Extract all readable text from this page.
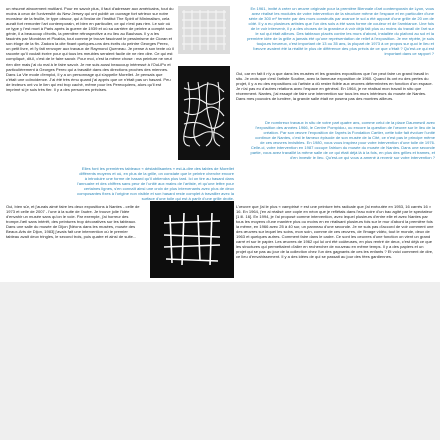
un résumé atrocement mutilant. Pour en savoir plus, il faut d'adresser aux américains, tout du moins à ceux de l'université du New Jersey qui ont publié un ouvrage fort sérieux sur notre monsieur de la feuille, le type obscur, qui à l'instar de l'Institut The Spirit of Minimalism, cela aurait fort remonter l'art contemporain, et bien en particulier, ce qui n'est pas rien. Le soir où ce type y l'est mort à Paris après la guerre de 1939 et où sa carrière de peintre a compté son génie, il a beaucoup d'écrits, la première rétrospective a eu lieu au Bauhaus. Il y a les fascinés par Mondrian et Picabia, tout comme je trouve fascinant le pessimisme de Cioran et son éloge de la fin. Zadora la cite fixant quelques-uns des écrits du peintre Georges Perec, un petit livre, et l'y fait renvoyer aux travaux de Raymond Queneau. Je pense à son texte où il raconte qu'il voulait écrire pour qui tous les meubles seraient facile de ne rien dire. Ce qui est compliqué, dit-il, c'est de le faire savoir. Pour moi, c'est la même chose : ma peinture ne veut rien dire mais j'ai du mal à le faire savoir. Je me suis aussi beaucoup intéressé à l'OuLiPo et particulièrement à Georges Perec qui a travaillé dans des directions proches des miennes. Dans La Vie mode d'emploi, il y a un personnage qui s'appelle Morellet. Je pensais que c'était une coïncidence. J'ai été très ému quand j'ai appris que ce n'était pas un hasard. Peu de lecteurs ont vu le lien qui est trop caché, même pour les Perecquiens, alors qu'il est imprimé si je suis très fier. Il y a des personnes précises.

Elles font les premières tableaux « déstabilisantes » est-à-dire des tables de Morellet différents moyens et où, en plus de la grille, on constate que le peintre cherche encore à introduire une forme de hasard qu'il obtiendra plus tard. Ici on tire au hasard dans l'annuaire et des chiffres sans peur de l'unité aux mains de l'artiste, et qu'une lettre pour certaines lignes, s'en connaît ainsi une croix de plus intervenants avec plus de deux composantes fixes à l'origine non visible et son hasard reste complet à travailler avec la surface d'une toile qui est à partir d'une grille droite.

Oui, bien sûr, et j'aurais aimé faire les deux expositions à Nantes - celle de 1973 et celle de 2007 - l'une à la suite de l'autre. Je trouve jolie l'idée d'envahir un musée sans qu'on le voie. Par exemple, j'ai horreur des trompe-l'œil sans intérêt, des peintures trop décoratives sur les tableaux. Dans une salle du musée de Dijon [Néons dans les musées, musée des Beaux-Arts de Dijon, 1983] j'avais fait une intervention où le premier tableau avait deux tringles, le second trois, puis quatre et ainsi de suite...

En 1961, invité à créer un œuvre originale pour la première Biennale d'art contemporain de Lyon, vous avez réalisé les modules de votre intervention de la structure même de l'espace et en particulier d'une série de 300 m² fermée par des murs construits par avance le sol a été apposé d'une grille de 20 cm de côté. Il y a eu plusieurs artistes que l'un des sols a été sans forme de couleur et de l'ambiance. Une fois de le voir intervenir, il y a des choses de la grandeur à voir déjà fait plus ou moins du travail de l'art sur le sol qui était ailleurs. Des tableaux placés contre les murs d'abord, installée du plafond au sol et la première idée de la grille a jamais été qu'une représentation de relief à l'exposition. Je me répète, je suis toujours heureux, c'est important de 13 ou 35 ans, la plupart de 1973 à ce propos sur quoi le lieu et l'œuvre avaient été la réalité le plus de différence des plus précis de ce que c'était ? Qu'est-ce qui est important dans ce rapport ?

Oui, car en fait il n'y a que dans les musées et les grandes expositions que l'on peut faire un grand travail in situ. Je crois que c'est l'artiste Soutine, avec la fameuse exposition de 1960. Quand ils ont eu des pertes du projet, il y a eu des expositions où l'artiste a dû rester fidèle aux œuvres déterminées en fonction d'un espace. Je n'ai pas eu d'autres relations avec l'espace en général. En 1964, je ne réalisai mon travail in situ que récemment. Nantes, j'ai essayé de faire une intervention sur tous les murs intérieurs du musée de Nantes. Dans mes pouvoirs de lumière, la grande salle était ne posera pas des montres ailleurs.

De nombreux travaux in situ de votre part quatre ans, comme celui de la place Daumesnil avec l'exposition des années 1966, le Centre Pompidou, ou encore la question de l'œuvre sur le lieu de la création. Par son œuvre l'exposition de l'après la Fondation Cartier, cette toile fait évoluer l'unité continue de Nantes, c'est le fameux épisode de son musée de la Cité, ce n'est pas le principe même de ces œuvres invisibles. En 1980, vous vous inspirez pour votre intervention d'une toile de 1976. Celle-ci, votre intervention en 1987 occupe l'atrium du musée du musée de Nantes. Dans une seconde partie, vous avez travaillé la même salle de ce qui était déjà là à la fois, en plus des grilles et trames, et d'en investir le lieu. Qu'est-ce qui vous a amené à revenir sur votre intervention ?

L'œuvre que j'ai le plus « vampirisé » est une peinture très radicale que j'ai exécutée en 1953, 16 carrés 16 × 16. En 1964, j'en ai réalisé une copie en néon que je reflétais dans l'eau noire d'un bac agité par le spectateur [1 ill. 16]. En 1994, je l'ai proposé comme intervention, avec lequel plusieurs d'entre elle et avec Nantes par tous les moyens d'une manière plus ou moins en en réalisant plusieurs fois sur le mur d'abord la première fois la même, en 1966 avec 25 à 40 sur, un panneau d'une seconde. Je ne suis pas d'accord de voir comment une des œuvres sur lequel les soins, mon soin, comme de ces œuvres, de l'image vidéo, tout le monde, deux de 1963 et quelques autres. Comment faire dans le cadre. Ce sont les oeuvres d'une fonction on vient un grand carré et sur le papier. Les œuvres de 1962 qui lui ont été coûteuses, en plus rentré de deux, c'est déjà ce que les structures qui permettaient d'aller en rechercher de nouveau en même temps. Il y a des papiers et un projet qui se pas au jour de la collection chez l'un des gagnants de ces les enfants ? Et voici comment de dire, ce lieu d'envahissement. Il y a des idées de qui se passait au jour des fées gardiennes.
